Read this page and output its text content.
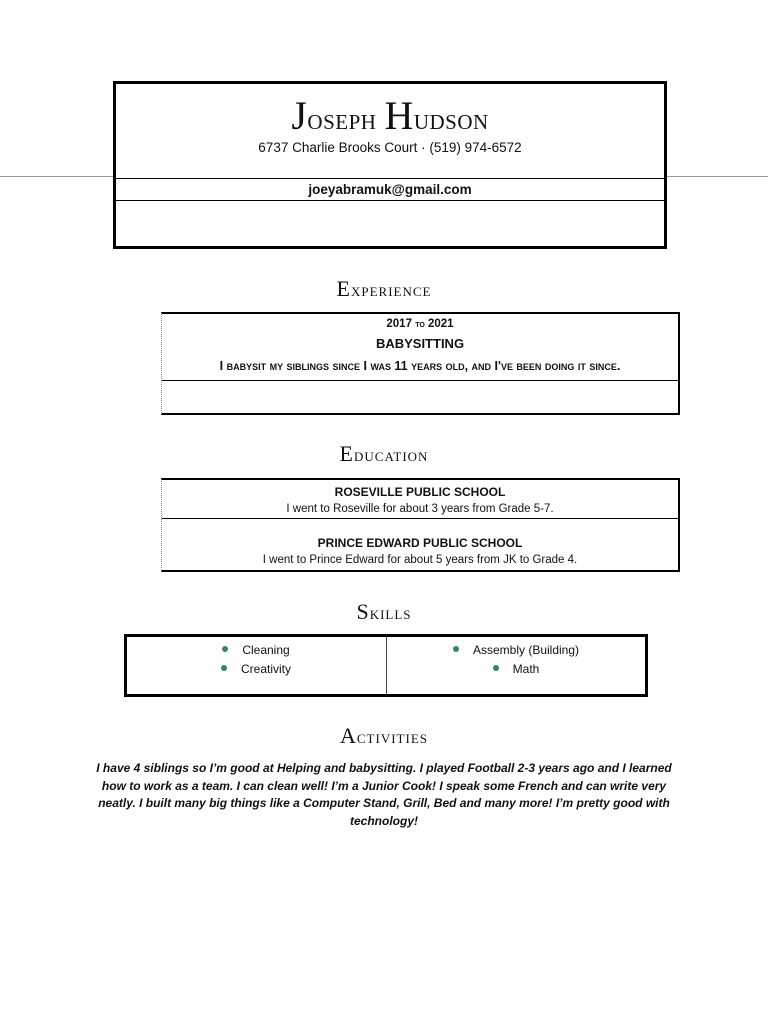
Joseph Hudson
6737 Charlie Brooks Court · (519) 974-6572
joeyabramuk@gmail.com
Experience
2017 to 2021
BABYSITTING
I babysit my siblings since I was 11 years old, and I've been doing it since.
Education
ROSEVILLE PUBLIC SCHOOL
I went to Roseville for about 3 years from Grade 5-7.
PRINCE EDWARD PUBLIC SCHOOL
I went to Prince Edward for about 5 years from JK to Grade 4.
Skills
Cleaning
Creativity
Assembly (Building)
Math
Activities
I have 4 siblings so I’m good at Helping and babysitting. I played Football 2-3 years ago and I learned how to work as a team. I can clean well! I’m a Junior Cook! I speak some French and can write very neatly. I built many big things like a Computer Stand, Grill, Bed and many more! I’m pretty good with technology!
